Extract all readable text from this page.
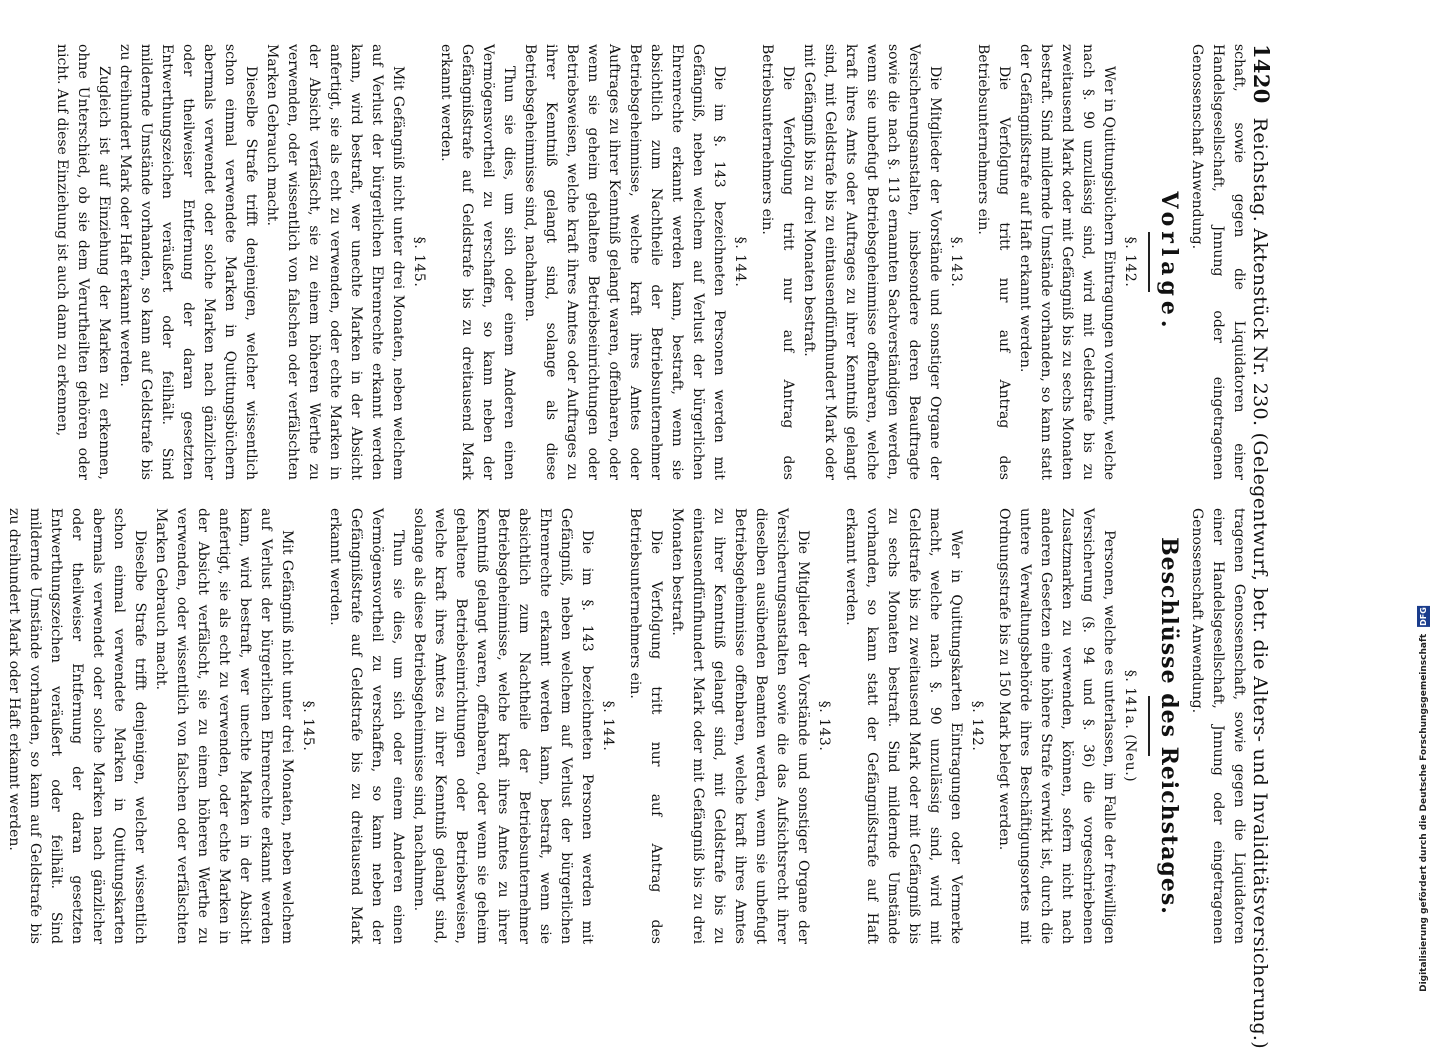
1420
Reichstag. Aktenstück Nr. 230. (Gelegentwurf, betr. die Alters- und Invaliditätsversicherung.)

schaft, sowie gegen die Liquidatoren einer Handelsgesellschaft, Jnnung oder eingetragenen Genossenschaft Anwendung.

Vorlage.
§. 142.

Wer in Quittungsbüchern Eintragungen vornimmt, welche nach §. 90 unzulässig sind, wird mit Geldstrafe bis zu zweitausend Mark oder mit Gefängniß bis zu sechs Monaten bestraft. Sind mildernde Umstände vorhanden, so kann statt der Gefängnißstrafe auf Haft erkannt werden.

Die Verfolgung tritt nur auf Antrag des Betriebsunternehmers ein.

§. 143.

Die Mitglieder der Vorstände und sonstiger Organe der Versicherungsanstalten, insbesondere deren Beauftragte sowie die nach §. 113 ernannten Sachverständigen werden, wenn sie unbefugt Betriebsgeheimnisse offenbaren, welche kraft ihres Amts oder Auftrages zu ihrer Kenntniß gelangt sind, mit Geldstrafe bis zu eintausendfünfhundert Mark oder mit Gefängniß bis zu drei Monaten bestraft.

Die Verfolgung tritt nur auf Antrag des Betriebsunternehmers ein.

§. 144.

Die im §. 143 bezeichneten Personen werden mit Gefängniß, neben welchem auf Verlust der bürgerlichen Ehrenrechte erkannt werden kann, bestraft, wenn sie absichtlich zum Nachtheile der Betriebsunternehmer Betriebsgeheimnisse, welche kraft ihres Amtes oder Auftrages zu ihrer Kenntniß gelangt waren, offenbaren, oder wenn sie geheim gehaltene Betriebseinrichtungen oder Betriebsweisen, welche kraft ihres Amtes oder Auftrages zu ihrer Kenntniß gelangt sind, solange als diese Betriebsgeheimnisse sind, nachahmen.

Thun sie dies, um sich oder einem Anderen einen Vermögensvortheil zu verschaffen, so kann neben der Gefängnißstrafe auf Geldstrafe bis zu dreitausend Mark erkannt werden.

§. 145.

Mit Gefängniß nicht unter drei Monaten, neben welchem auf Verlust der bürgerlichen Ehrenrechte erkannt werden kann, wird bestraft, wer unechte Marken in der Absicht anfertigt, sie als echt zu verwenden, oder echte Marken in der Absicht verfälscht, sie zu einem höheren Werthe zu verwenden, oder wissentlich von falschen oder verfälschten Marken Gebrauch macht.

Dieselbe Strafe trifft denjenigen, welcher wissentlich schon einmal verwendete Marken in Quittungsbüchern abermals verwendet oder solche Marken nach gänzlicher oder theilweiser Entfernung der daran gesetzten Entwerthungszeichen veräußert oder feilhält. Sind mildernde Umstände vorhanden, so kann auf Geldstrafe bis zu dreihundert Mark oder Haft erkannt werden.

Zugleich ist auf Einziehung der Marken zu erkennen, ohne Unterschied, ob sie dem Verurtheilten gehören oder nicht. Auf diese Einziehung ist auch dann zu erkennen,

tragenen Genossenschaft, sowie gegen die Liquidatoren einer Handelsgesellschaft, Jnnung oder eingetragenen Genossenschaft Anwendung.

Beschlüsse des Reichstages.
§. 141a. (Neu.)

Personen, welche es unterlassen, im Falle der freiwilligen Versicherung (§. 94 und §. 36) die vorgeschriebenen Zusatzmarken zu verwenden, können, sofern nicht nach anderen Gesetzen eine höhere Strafe verwirkt ist, durch die untere Verwaltungsbehörde ihres Beschäftigungsortes mit Ordnungsstrafe bis zu 150 Mark belegt werden.

§. 142.

Wer in Quittungskarten Eintragungen oder Vermerke macht, welche nach §. 90 unzulässig sind, wird mit Geldstrafe bis zu zweitausend Mark oder mit Gefängniß bis zu sechs Monaten bestraft. Sind mildernde Umstände vorhanden, so kann statt der Gefängnißstrafe auf Haft erkannt werden.

§. 143.

Die Mitglieder der Vorstände und sonstiger Organe der Versicherungsanstalten sowie die das Aufsichtsrecht ihrer dieselben ausübenden Beamten werden, wenn sie unbefugt Betriebsgeheimnisse offenbaren, welche kraft ihres Amtes zu ihrer Kenntniß gelangt sind, mit Geldstrafe bis zu eintausendfünfhundert Mark oder mit Gefängniß bis zu drei Monaten bestraft.

Die Verfolgung tritt nur auf Antrag des Betriebsunternehmers ein.

§. 144.

Die im §. 143 bezeichneten Personen werden mit Gefängniß, neben welchem auf Verlust der bürgerlichen Ehrenrechte erkannt werden kann, bestraft, wenn sie absichtlich zum Nachtheile der Betriebsunternehmer Betriebsgeheimnisse, welche kraft ihres Amtes zu ihrer Kenntniß gelangt waren, offenbaren, oder wenn sie geheim gehaltene Betriebseinrichtungen oder Betriebsweisen, welche kraft ihres Amtes zu ihrer Kenntniß gelangt sind, solange als diese Betriebsgeheimnisse sind, nachahmen.

Thun sie dies, um sich oder einem Anderen einen Vermögensvortheil zu verschaffen, so kann neben der Gefängnißstrafe auf Geldstrafe bis zu dreitausend Mark erkannt werden.

§. 145.

Mit Gefängniß nicht unter drei Monaten, neben welchem auf Verlust der bürgerlichen Ehrenrechte erkannt werden kann, wird bestraft, wer unechte Marken in der Absicht anfertigt, sie als echt zu verwenden, oder echte Marken in der Absicht verfälscht, sie zu einem höheren Werthe zu verwenden, oder wissentlich von falschen oder verfälschten Marken Gebrauch macht.

Dieselbe Strafe trifft denjenigen, welcher wissentlich schon einmal verwendete Marken in Quittungskarten abermals verwendet oder solche Marken nach gänzlicher oder theilweiser Entfernung der daran gesetzten Entwerthungszeichen veräußert oder feilhält. Sind mildernde Umstände vorhanden, so kann auf Geldstrafe bis zu dreihundert Mark oder Haft erkannt werden.	Digitalisierung gefördert durch die Deutsche Forschungsgemeinschaft DFG
